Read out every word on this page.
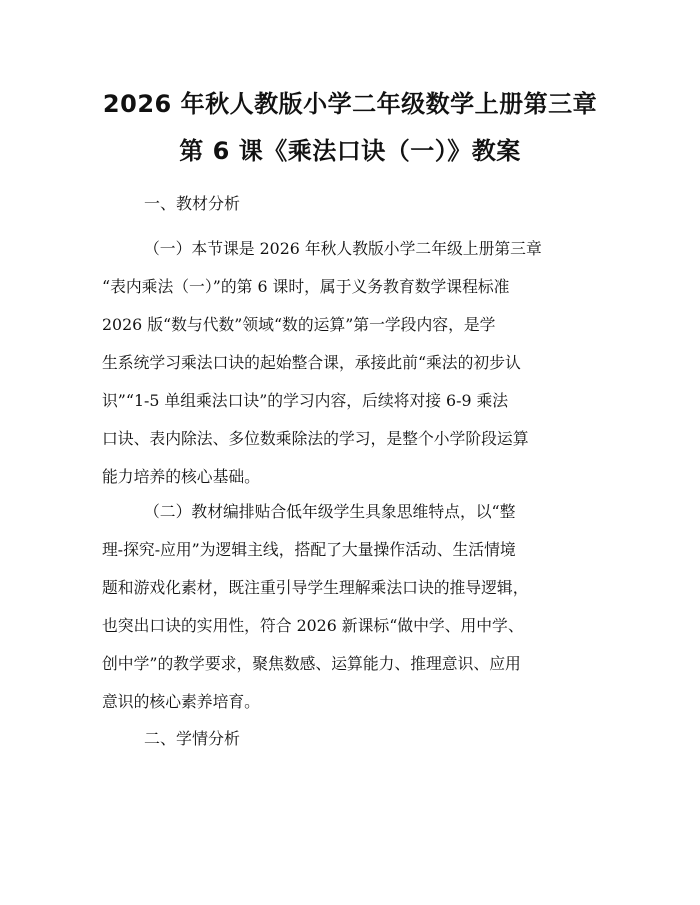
2026 年秋人教版小学二年级数学上册第三章
第 6 课《乘法口诀（一）》教案
一、教材分析
（一）本节课是 2026 年秋人教版小学二年级上册第三章
“表内乘法（一）”的第 6 课时，属于义务教育数学课程标准
2026 版“数与代数”领域“数的运算”第一学段内容，是学
生系统学习乘法口诀的起始整合课，承接此前“乘法的初步认
识”“1-5 单组乘法口诀”的学习内容，后续将对接 6-9 乘法
口诀、表内除法、多位数乘除法的学习，是整个小学阶段运算
能力培养的核心基础。
（二）教材编排贴合低年级学生具象思维特点，以“整
理-探究-应用”为逻辑主线，搭配了大量操作活动、生活情境
题和游戏化素材，既注重引导学生理解乘法口诀的推导逻辑，
也突出口诀的实用性，符合 2026 新课标“做中学、用中学、
创中学”的教学要求，聚焦数感、运算能力、推理意识、应用
意识的核心素养培育。
二、学情分析
